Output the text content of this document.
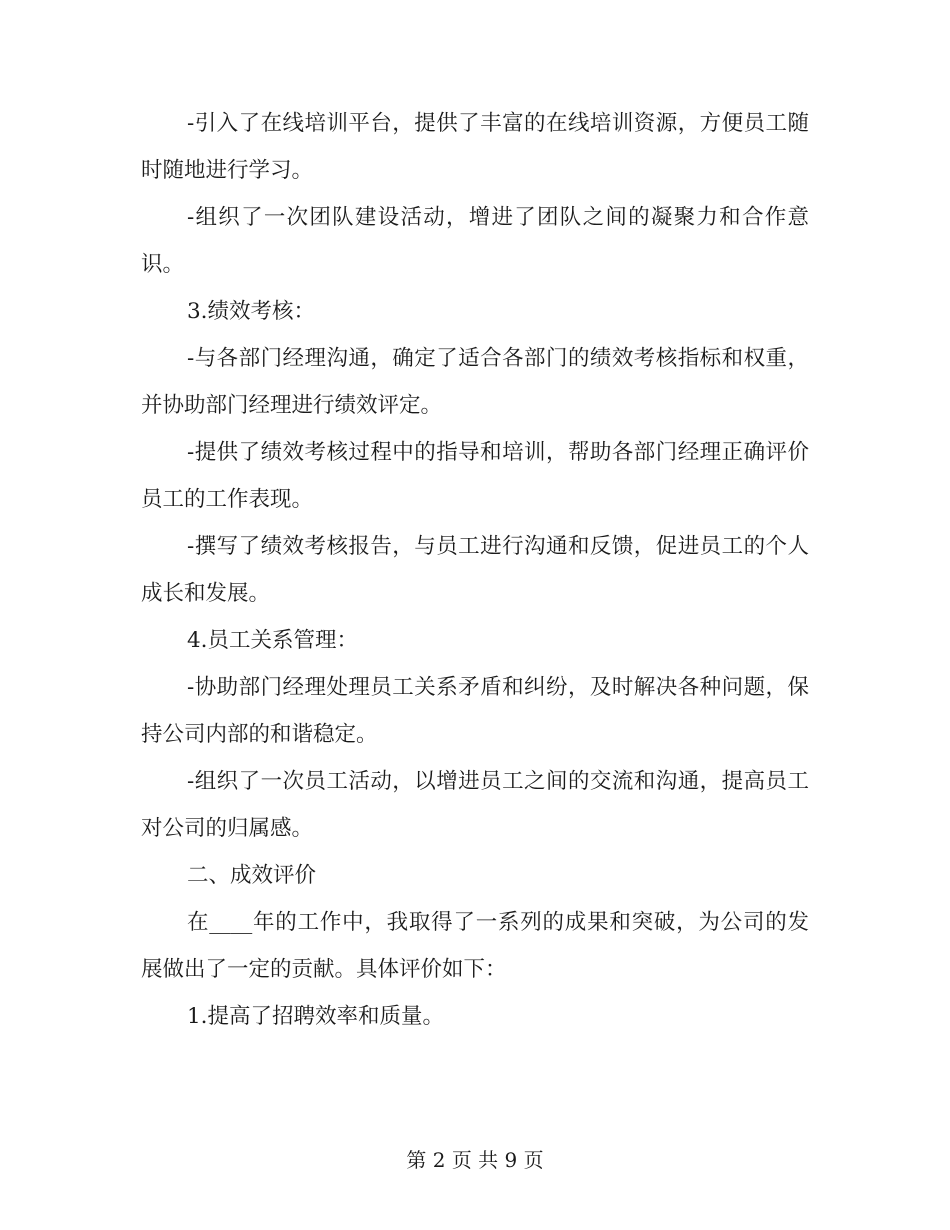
-引入了在线培训平台，提供了丰富的在线培训资源，方便员工随时随地进行学习。

-组织了一次团队建设活动，增进了团队之间的凝聚力和合作意识。

3.绩效考核：

-与各部门经理沟通，确定了适合各部门的绩效考核指标和权重，并协助部门经理进行绩效评定。

-提供了绩效考核过程中的指导和培训，帮助各部门经理正确评价员工的工作表现。

-撰写了绩效考核报告，与员工进行沟通和反馈，促进员工的个人成长和发展。

4.员工关系管理：

-协助部门经理处理员工关系矛盾和纠纷，及时解决各种问题，保持公司内部的和谐稳定。

-组织了一次员工活动，以增进员工之间的交流和沟通，提高员工对公司的归属感。

二、成效评价

在____年的工作中，我取得了一系列的成果和突破，为公司的发展做出了一定的贡献。具体评价如下：

1.提高了招聘效率和质量。

第 2 页 共 9 页
